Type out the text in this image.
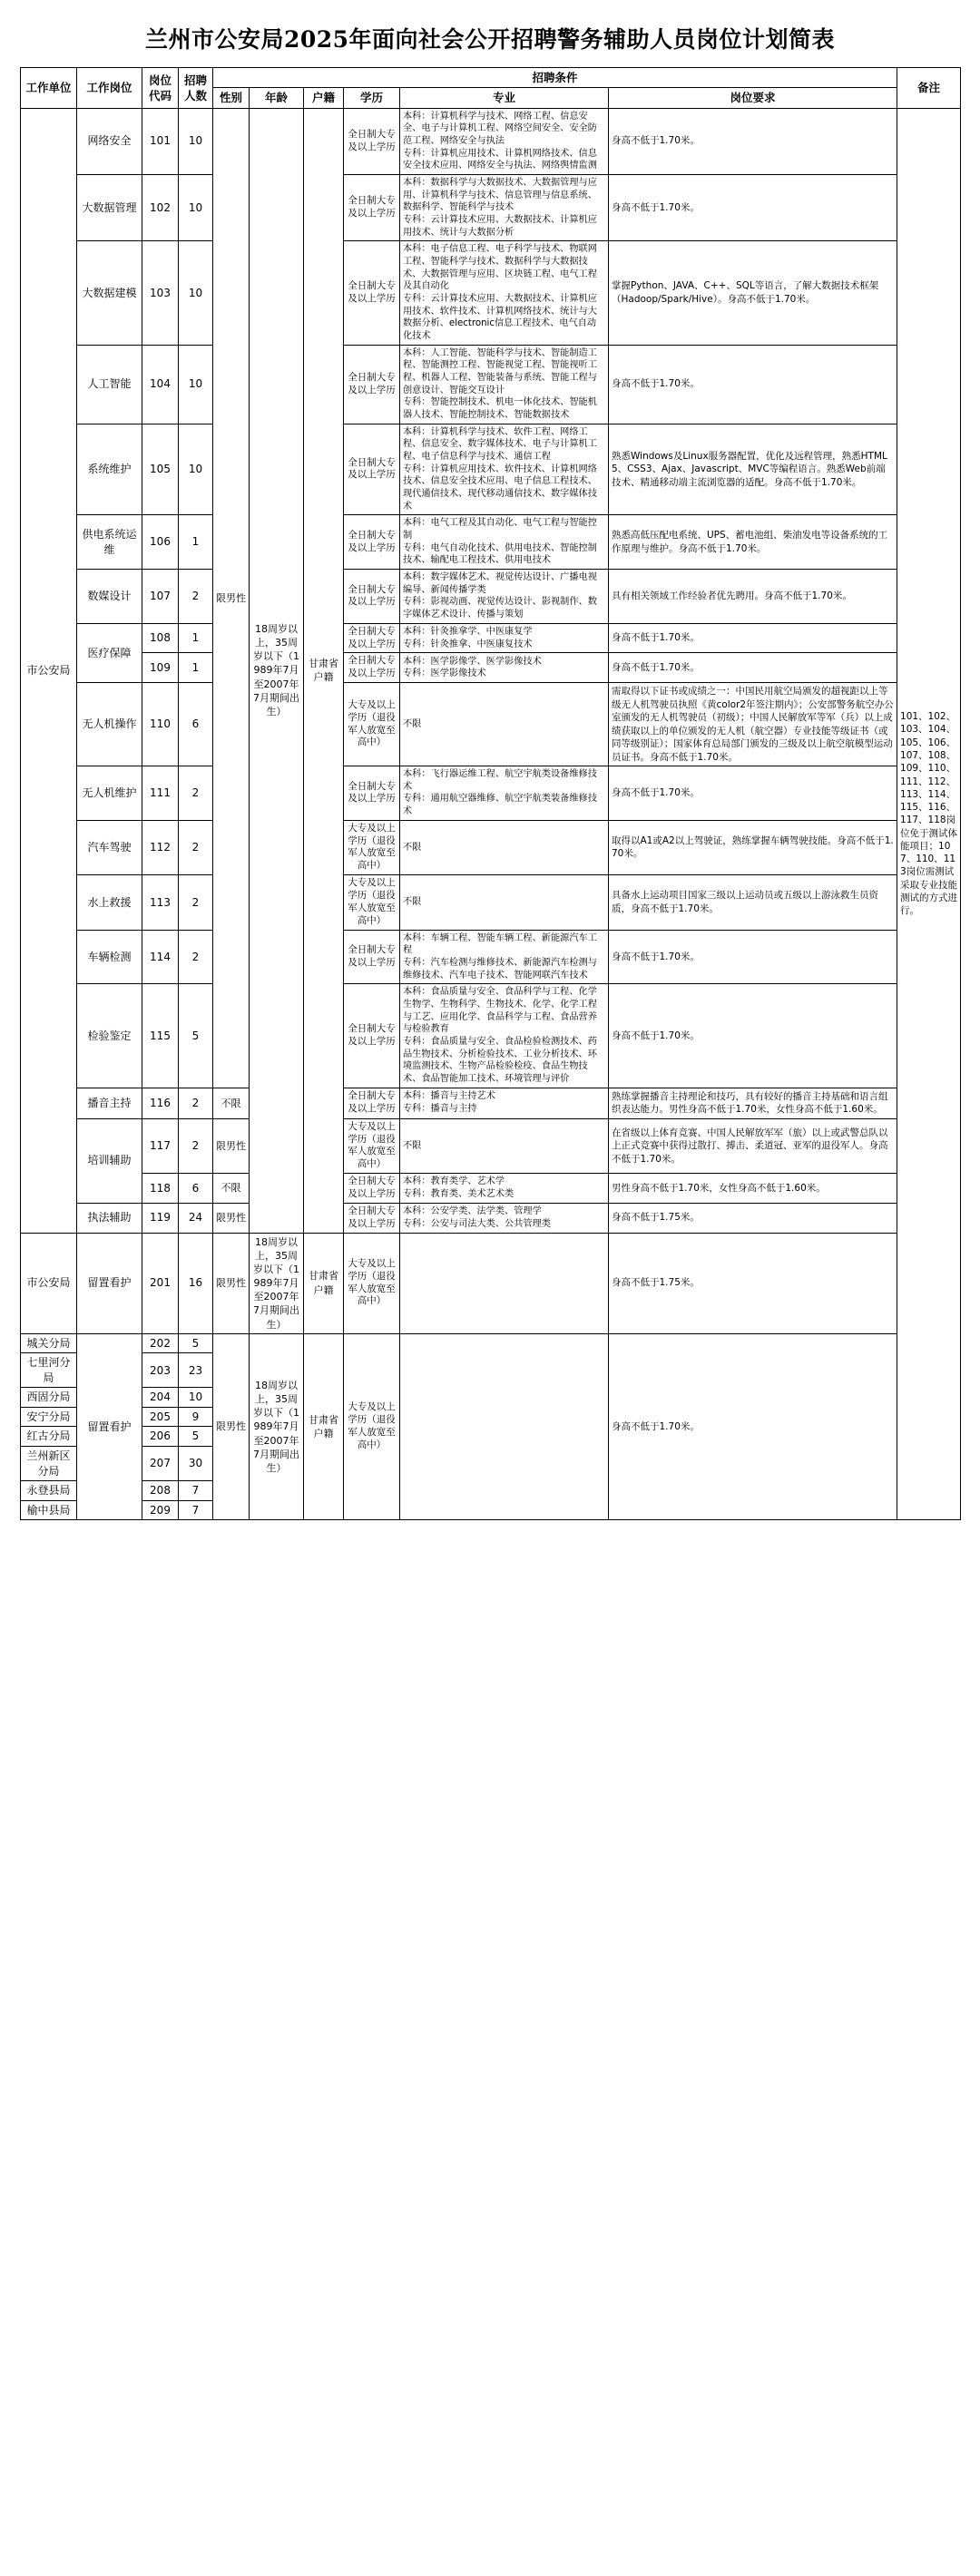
兰州市公安局2025年面向社会公开招聘警务辅助人员岗位计划简表
工作单位	工作岗位	岗位代码	招聘人数	招聘条件						备注
				性别	年龄	户籍	学历	专业	岗位要求	
市公安局	网络安全	101	10	限男性	18周岁以上，35周岁以下（1989年7月至2007年7月期间出生）	甘肃省户籍	全日制大专及以上学历	本科：计算机科学与技术、网络工程、信息安全、电子与计算机工程、网络空间安全、安全防范工程、网络安全与执法
专科：计算机应用技术、计算机网络技术、信息安全技术应用、网络安全与执法、网络舆情监测	身高不低于1.70米。	101、102、103、104、105、106、107、108、109、110、111、112、113、114、115、116、117、118岗位免于测试体能项目；107、110、113岗位需测试采取专业技能测试的方式进行。
	大数据管理	102	10				全日制大专及以上学历	本科：数据科学与大数据技术、大数据管理与应用、计算机科学与技术、信息管理与信息系统、数据科学、智能科学与技术
专科：云计算技术应用、大数据技术、计算机应用技术、统计与大数据分析	身高不低于1.70米。	
	大数据建模	103	10				全日制大专及以上学历	本科：电子信息工程、电子科学与技术、物联网工程、智能科学与技术、数据科学与大数据技术、大数据管理与应用、区块链工程、电气工程及其自动化
专科：云计算技术应用、大数据技术、计算机应用技术、软件技术、计算机网络技术、统计与大数据分析、electronic信息工程技术、电气自动化技术	掌握Python、JAVA、C++、SQL等语言，了解大数据技术框架（Hadoop/Spark/Hive）。身高不低于1.70米。	
	人工智能	104	10				全日制大专及以上学历	本科：人工智能、智能科学与技术、智能制造工程、智能测控工程、智能视觉工程、智能视听工程、机器人工程、智能装备与系统、智能工程与创意设计、智能交互设计
专科：智能控制技术、机电一体化技术、智能机器人技术、智能控制技术、智能数据技术	身高不低于1.70米。	
	系统维护	105	10				全日制大专及以上学历	本科：计算机科学与技术、软件工程、网络工程、信息安全、数字媒体技术、电子与计算机工程、电子信息科学与技术、通信工程
专科：计算机应用技术、软件技术、计算机网络技术、信息安全技术应用、电子信息工程技术、现代通信技术、现代移动通信技术、数字媒体技术	熟悉Windows及Linux服务器配置，优化及远程管理，熟悉HTML5、CSS3、Ajax、Javascript、MVC等编程语言。熟悉Web前端技术、精通移动端主流浏览器的适配。身高不低于1.70米。	
	供电系统运维	106	1				全日制大专及以上学历	本科：电气工程及其自动化、电气工程与智能控制
专科：电气自动化技术、供用电技术、智能控制技术、输配电工程技术、供用电技术	熟悉高低压配电系统、UPS、蓄电池组、柴油发电等设备系统的工作原理与维护。身高不低于1.70米。	
	数媒设计	107	2				全日制大专及以上学历	本科：数字媒体艺术、视觉传达设计、广播电视编导、新闻传播学类
专科：影视动画、视觉传达设计、影视制作、数字媒体艺术设计、传播与策划	具有相关领域工作经验者优先聘用。身高不低于1.70米。	
	医疗保障	108	1				全日制大专及以上学历	本科：针灸推拿学、中医康复学
专科：针灸推拿、中医康复技术	身高不低于1.70米。	
		109	1				全日制大专及以上学历	本科：医学影像学、医学影像技术
专科：医学影像技术	身高不低于1.70米。	
	无人机操作	110	6				大专及以上学历（退役军人放宽至高中）	不限	需取得以下证书或成绩之一：中国民用航空局颁发的超视距以上等级无人机驾驶员执照《黄color2年签注期内》；公安部警务航空办公室颁发的无人机驾驶员（初级）；中国人民解放军等军（兵）以上成绩获取以上的单位颁发的无人机（航空器）专业技能等级证书（或同等级别证）；国家体育总局部门颁发的三级及以上航空航模型运动员证书。身高不低于1.70米。	
	无人机维护	111	2				全日制大专及以上学历	本科：飞行器运维工程、航空宇航类设备维修技术
专科：通用航空器维修、航空宇航类装备维修技术	身高不低于1.70米。	
	汽车驾驶	112	2				大专及以上学历（退役军人放宽至高中）	不限	取得以A1或A2以上驾驶证，熟练掌握车辆驾驶技能。身高不低于1.70米。	
	水上救援	113	2				大专及以上学历（退役军人放宽至高中）	不限	具备水上运动项目国家三级以上运动员或五级以上游泳救生员资质，身高不低于1.70米。	
	车辆检测	114	2				全日制大专及以上学历	本科：车辆工程、智能车辆工程、新能源汽车工程
专科：汽车检测与维修技术、新能源汽车检测与维修技术、汽车电子技术、智能网联汽车技术	身高不低于1.70米。	
	检验鉴定	115	5				全日制大专及以上学历	本科：食品质量与安全、食品科学与工程、化学生物学、生物科学、生物技术、化学、化学工程与工艺、应用化学、食品科学与工程、食品营养与检验教育
专科：食品质量与安全、食品检验检测技术、药品生物技术、分析检验技术、工业分析技术、环境监测技术、生物产品检验检疫、食品生物技术、食品智能加工技术、环境管理与评价	身高不低于1.70米。	
	播音主持	116	2	不限			全日制大专及以上学历	本科：播音与主持艺术
专科：播音与主持	熟练掌握播音主持理论和技巧，具有较好的播音主持基础和语言组织表达能力。男性身高不低于1.70米，女性身高不低于1.60米。	
	培训辅助	117	2	限男性			大专及以上学历（退役军人放宽至高中）	不限	在省级以上体育竞赛、中国人民解放军军（旅）以上或武警总队以上正式竞赛中获得过散打、搏击、柔道冠、亚军的退役军人。身高不低于1.70米。	
		118	6	不限			全日制大专及以上学历	本科：教育类学、艺术学
专科：教育类、美术艺术类	男性身高不低于1.70米，女性身高不低于1.60米。	
	执法辅助	119	24	限男性			全日制大专及以上学历	本科：公安学类、法学类、管理学
专科：公安与司法大类、公共管理类	身高不低于1.75米。	
市公安局	留置看护	201	16	限男性	18周岁以上，35周岁以下（1989年7月至2007年7月期间出生）	甘肃省户籍	大专及以上学历（退役军人放宽至高中）		身高不低于1.75米。	
城关分局	留置看护	202	5	限男性	18周岁以上，35周岁以下（1989年7月至2007年7月期间出生）	甘肃省户籍	大专及以上学历（退役军人放宽至高中）		身高不低于1.70米。	
七里河分局		203	23							
西固分局		204	10							
安宁分局		205	9							
红古分局		206	5							
兰州新区分局		207	30							
永登县局		208	7							
榆中县局		209	7							
